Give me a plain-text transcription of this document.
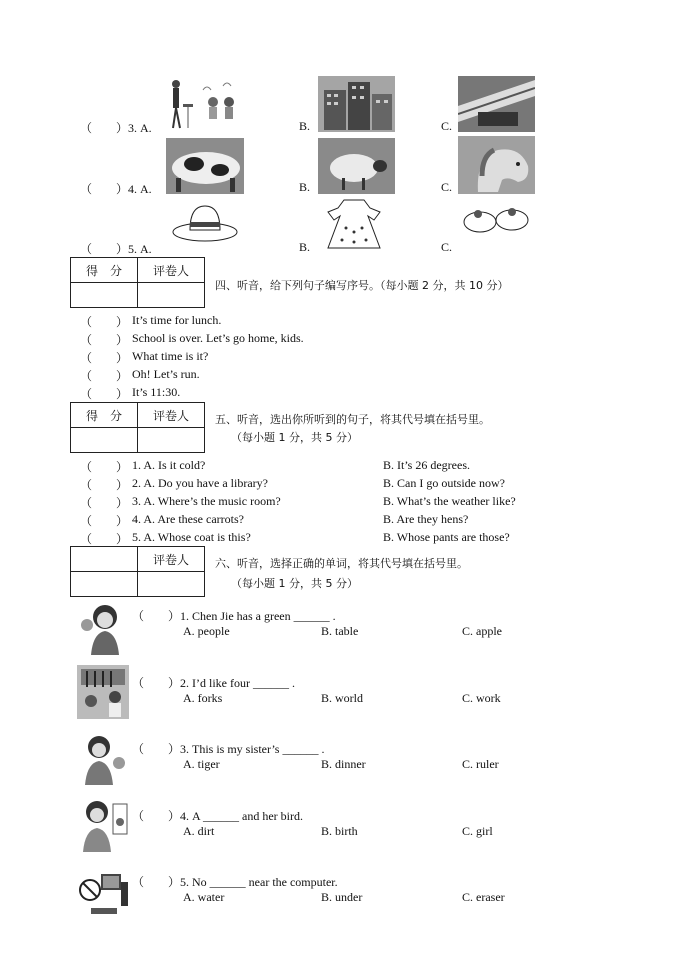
（　　）3. A.	B.	C.
（　　）4. A.	B.	C.
（　　）5. A.	B.	C.
得　分	评卷人

四、听音，给下列句子编写序号。（每小题 2 分，共 10 分）
（　　） It’s time for lunch.
（　　） School is over. Let’s go home, kids.
（　　） What time is it?
（　　） Oh! Let’s run.
（　　） It’s 11:30.
得　分	评卷人
	五、听音，选出你所听到的句子，将其代号填在括号里。
（每小题 1 分，共 5 分）
（　　） 1. A. Is it cold?	B. It’s 26 degrees.
（　　） 2. A. Do you have a library?	B. Can I go outside now?
（　　） 3. A. Where’s the music room?	B. What’s the weather like?
（　　） 4. A. Are these carrots?	B. Are they hens?
（　　） 5. A. Whose coat is this?	B. Whose pants are those?
	评卷人
	六、听音，选择正确的单词，将其代号填在括号里。
（每小题 1 分，共 5 分）
（　　）1. Chen Jie has a green ______ .
A. people	B. table	C. apple
（　　）2. I’d like four ______ .
A. forks	B. world	C. work
（　　）3. This is my sister’s ______ .
A. tiger	B. dinner	C. ruler
（　　）4. A ______ and her bird.
A. dirt	B. birth	C. girl
（　　）5. No ______ near the computer.
A. water	B. under	C. eraser
